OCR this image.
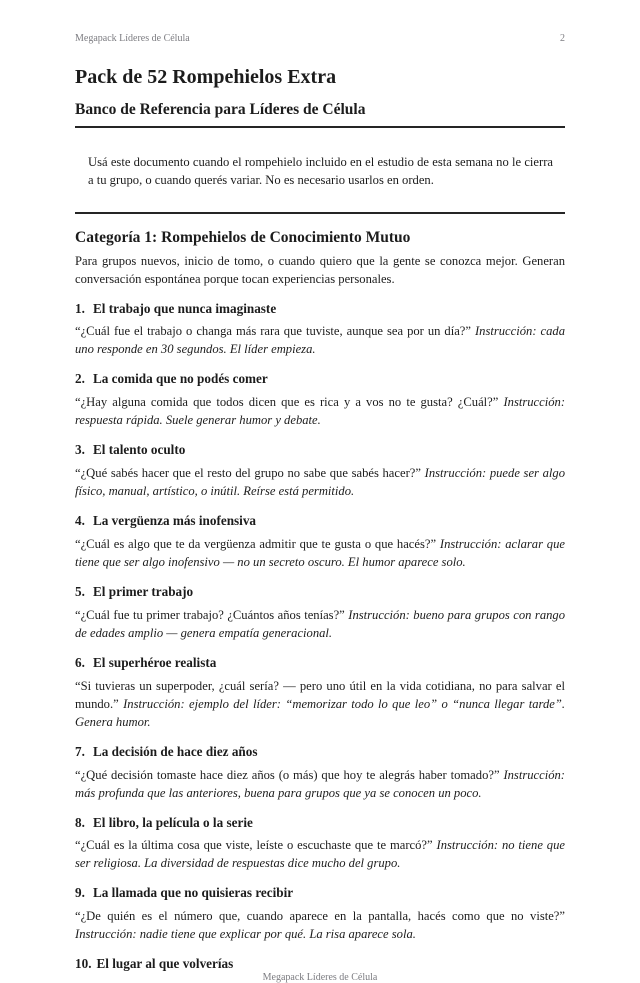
Megapack Líderes de Célula	2
Pack de 52 Rompehielos Extra
Banco de Referencia para Líderes de Célula

Usá este documento cuando el rompehielo incluido en el estudio de esta semana no le cierra a tu grupo, o cuando querés variar. No es necesario usarlos en orden.

Categoría 1: Rompehielos de Conocimiento Mutuo

Para grupos nuevos, inicio de tomo, o cuando quiero que la gente se conozca mejor. Generan conversación espontánea porque tocan experiencias personales.

1. El trabajo que nunca imaginaste

“¿Cuál fue el trabajo o changa más rara que tuviste, aunque sea por un día?” Instrucción: cada uno responde en 30 segundos. El líder empieza.

2. La comida que no podés comer

“¿Hay alguna comida que todos dicen que es rica y a vos no te gusta? ¿Cuál?” Instrucción: respuesta rápida. Suele generar humor y debate.

3. El talento oculto

“¿Qué sabés hacer que el resto del grupo no sabe que sabés hacer?” Instrucción: puede ser algo físico, manual, artístico, o inútil. Reírse está permitido.

4. La vergüenza más inofensiva

“¿Cuál es algo que te da vergüenza admitir que te gusta o que hacés?” Instrucción: aclarar que tiene que ser algo inofensivo — no un secreto oscuro. El humor aparece solo.

5. El primer trabajo

“¿Cuál fue tu primer trabajo? ¿Cuántos años tenías?” Instrucción: bueno para grupos con rango de edades amplio — genera empatía generacional.

6. El superhéroe realista

“Si tuvieras un superpoder, ¿cuál sería? — pero uno útil en la vida cotidiana, no para salvar el mundo.” Instrucción: ejemplo del líder: “memorizar todo lo que leo” o “nunca llegar tarde”. Genera humor.

7. La decisión de hace diez años

“¿Qué decisión tomaste hace diez años (o más) que hoy te alegrás haber tomado?” Instrucción: más profunda que las anteriores, buena para grupos que ya se conocen un poco.

8. El libro, la película o la serie

“¿Cuál es la última cosa que viste, leíste o escuchaste que te marcó?” Instrucción: no tiene que ser religiosa. La diversidad de respuestas dice mucho del grupo.

9. La llamada que no quisieras recibir

“¿De quién es el número que, cuando aparece en la pantalla, hacés como que no viste?” Instrucción: nadie tiene que explicar por qué. La risa aparece sola.

10. El lugar al que volverías
Megapack Líderes de Célula
